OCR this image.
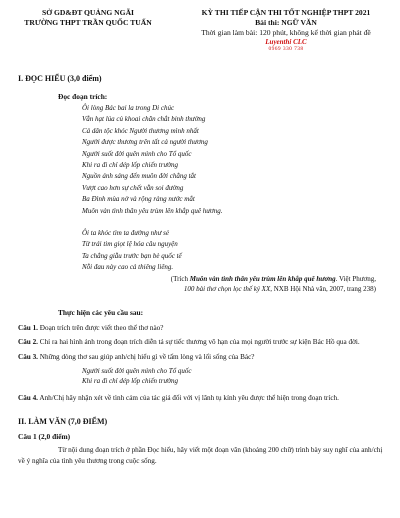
SỞ GD&ĐT QUẢNG NGÃI
TRƯỜNG THPT TRẦN QUỐC TUẤN
KỲ THI TIẾP CẬN THI TỐT NGHIỆP THPT 2021
Bài thi: NGỮ VĂN
Thời gian làm bài: 120 phút, không kể thời gian phát đề
Luyenthi CLC
0969 330 738
I. ĐỌC HIỂU (3,0 điểm)
Đọc đoạn trích:
Ôi lòng Bác bai la trong Di chúc
Vẫn hạt lúa củ khoai chăn chắt binh thường
Cả dân tộc khóc Người thương mình nhất
Người được thương trên tất cả người thương
Người suốt đời quên mình cho Tổ quốc
Khi ra đi chỉ dép lốp chiến trường
Nguồn ánh sáng đến muôn đời chẳng tắt
Vượt cao hơn sự chết vẫn soi đường
Ba Đình mùa nở và rộng ràng nước mắt
Muôn vàn tình thân yêu trùm lên khắp quê hương.
Ôi ta khóc tìm ta đường như sẻ
Từ trái tim giọt lệ hóa câu nguyện
Ta chẳng giẫu trước bạn bè quốc tế
Nỗi đau này cao cả thiêng liêng.
(Trích Muôn vàn tình thân yêu trùm lên khắp quê hương. Việt Phương,
100 bài thơ chọn lọc thế kỷ XX, NXB Hội Nhà văn, 2007, trang 238)
Thực hiện các yêu cầu sau:
Câu 1. Đoạn trích trên được viết theo thể thơ nào?
Câu 2. Chỉ ra hai hình ảnh trong đoạn trích diễn tả sự tiếc thương vô hạn của mọi người trước sự kiện Bác Hồ qua đời.
Câu 3. Những dòng thơ sau giúp anh/chị hiểu gì về tấm lòng và lối sống của Bác?
Người suốt đời quên mình cho Tổ quốc
Khi ra đi chỉ dép lốp chiến trường
Câu 4. Anh/Chị hãy nhận xét về tình cảm của tác giả đối với vị lãnh tụ kính yêu được thể hiện trong đoạn trích.
II. LÀM VĂN (7,0 ĐIỂM)
Câu 1 (2,0 điểm)
Từ nội dung đoạn trích ở phần Đọc hiểu, hãy viết một đoạn văn (khoảng 200 chữ) trình bày suy nghĩ của anh/chị về ý nghĩa của tình yêu thương trong cuộc sống.
